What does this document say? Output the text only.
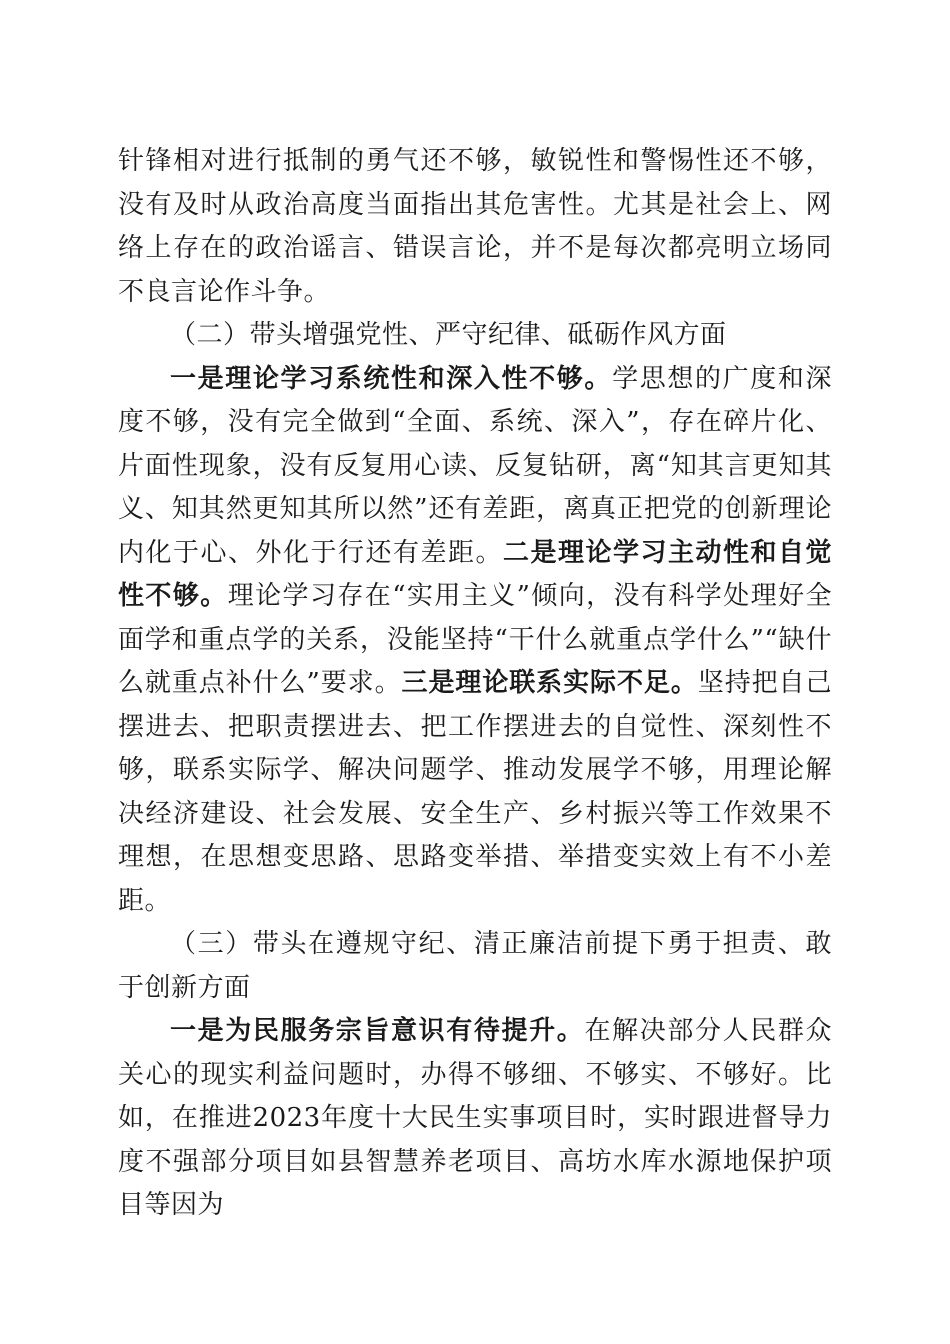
针锋相对进行抵制的勇气还不够，敏锐性和警惕性还不够，没有及时从政治高度当面指出其危害性。尤其是社会上、网络上存在的政治谣言、错误言论，并不是每次都亮明立场同不良言论作斗争。

（二）带头增强党性、严守纪律、砥砺作风方面

一是理论学习系统性和深入性不够。学思想的广度和深度不够，没有完全做到“全面、系统、深入”，存在碎片化、片面性现象，没有反复用心读、反复钻研，离“知其言更知其义、知其然更知其所以然”还有差距，离真正把党的创新理论内化于心、外化于行还有差距。二是理论学习主动性和自觉性不够。理论学习存在“实用主义”倾向，没有科学处理好全面学和重点学的关系，没能坚持“干什么就重点学什么”“缺什么就重点补什么”要求。三是理论联系实际不足。坚持把自己摆进去、把职责摆进去、把工作摆进去的自觉性、深刻性不够，联系实际学、解决问题学、推动发展学不够，用理论解决经济建设、社会发展、安全生产、乡村振兴等工作效果不理想，在思想变思路、思路变举措、举措变实效上有不小差距。

（三）带头在遵规守纪、清正廉洁前提下勇于担责、敢于创新方面

一是为民服务宗旨意识有待提升。在解决部分人民群众关心的现实利益问题时，办得不够细、不够实、不够好。比如，在推进2023年度十大民生实事项目时，实时跟进督导力度不强部分项目如县智慧养老项目、高坊水库水源地保护项目等因为
